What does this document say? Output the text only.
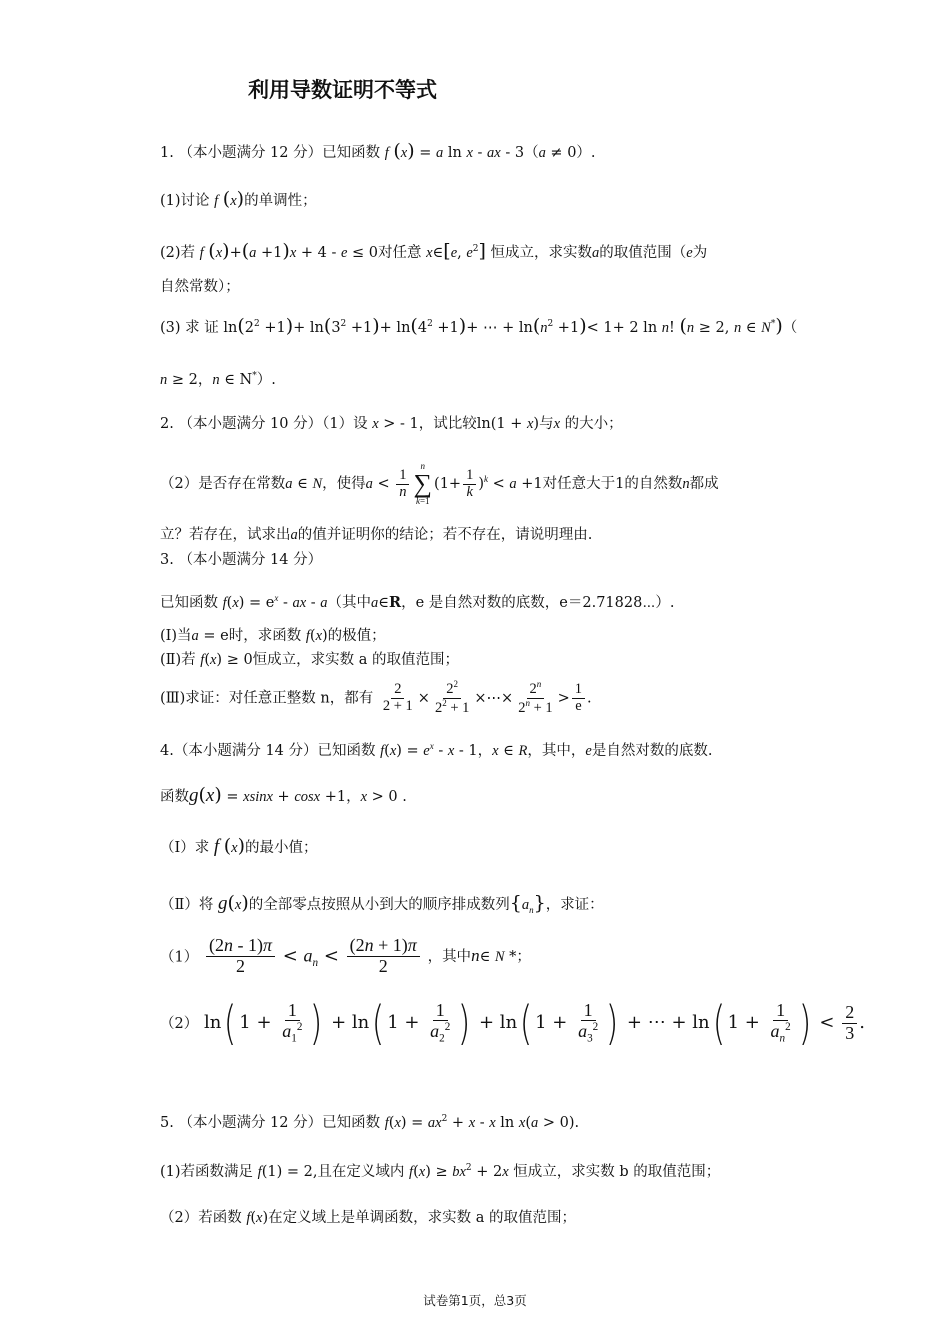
利用导数证明不等式
1. （本小题满分 12 分）已知函数 f (x) = a ln x - ax - 3（a ≠ 0）.
(1)讨论 f (x)的单调性；
(2)若 f (x)+(a +1)x + 4 - e ≤ 0对任意 x∈[e, $e^2$] 恒成立，求实数a的取值范围（e为
自然常数）；
(3) 求 证 $\ln(2^2 +1)+ \ln(3^2 +1)+ \ln(4^2 +1)+$ ⋯ + $\ln(n^2 +1)< 1+ 2$ ln n! (n ≥ 2, n ∈ N*)（
n ≥ 2，n ∈ N*）.
2. （本小题满分 10 分）（1）设 x > - 1，试比较ln(1 + x)与x 的大小；
（2）是否存在常数a ∈ N，使得$a < \frac{1}{n}$
n
∑
k=1
$(1+ \frac{1}{k} )^k < a +1$对任意大于1的自然数n都成
立？若存在，试求出a的值并证明你的结论；若不存在，请说明理由.
3. （本小题满分 14 分）
已知函数 $f(x) = e^x$ - ax - a（其中a∈R，e 是自然对数的底数，e＝2.71828⋯）.
(Ⅰ)当a = e时，求函数 f(x)的极值；
(Ⅱ)若 f(x) ≥ 0恒成立，求实数 a 的取值范围；
(Ⅲ)求证：对任意正整数 n，都有 $\frac{2}{2 + 1} \times \frac{2^2}{2^2 + 1}$ ×⋯× $\frac{2^n}{2^n + 1} > \frac{1}{e}$ .
4.（本小题满分 14 分）已知函数 $f(x) = e^x - x - 1$，x ∈ R，其中，e是自然对数的底数.
函数g(x) = xsinx + cosx +1，x > 0 .
（Ⅰ）求 f (x)的最小值；
（Ⅱ）将 g(x)的全部零点按照从小到大的顺序排成数列$\{a_n\}$，求证：
$(1) \frac{(2n - 1)\pi}{2} < a_n < \frac{(2n + 1)\pi}{2}$ ，其中n∈ N *；
（2） ln( $1 + \frac{1}{a_1^2}$ ) + ln( $1 + \frac{1}{a_2^2}$ ) + ln( $1 + \frac{1}{a_3^2}$ ) + ⋯ + ln( $1 + \frac{1}{a_n^2}$ ) < $\frac{2}{3}$ .
5. （本小题满分 12 分）已知函数 $f(x) = ax^2 + x - x$ ln x(a > 0).
(1)若函数满足 f(1) = 2,且在定义域内 $f(x) \ge bx^2 + 2x$ 恒成立，求实数 b 的取值范围；
（2）若函数 f(x)在定义域上是单调函数，求实数 a 的取值范围；
试卷第1页，总3页
